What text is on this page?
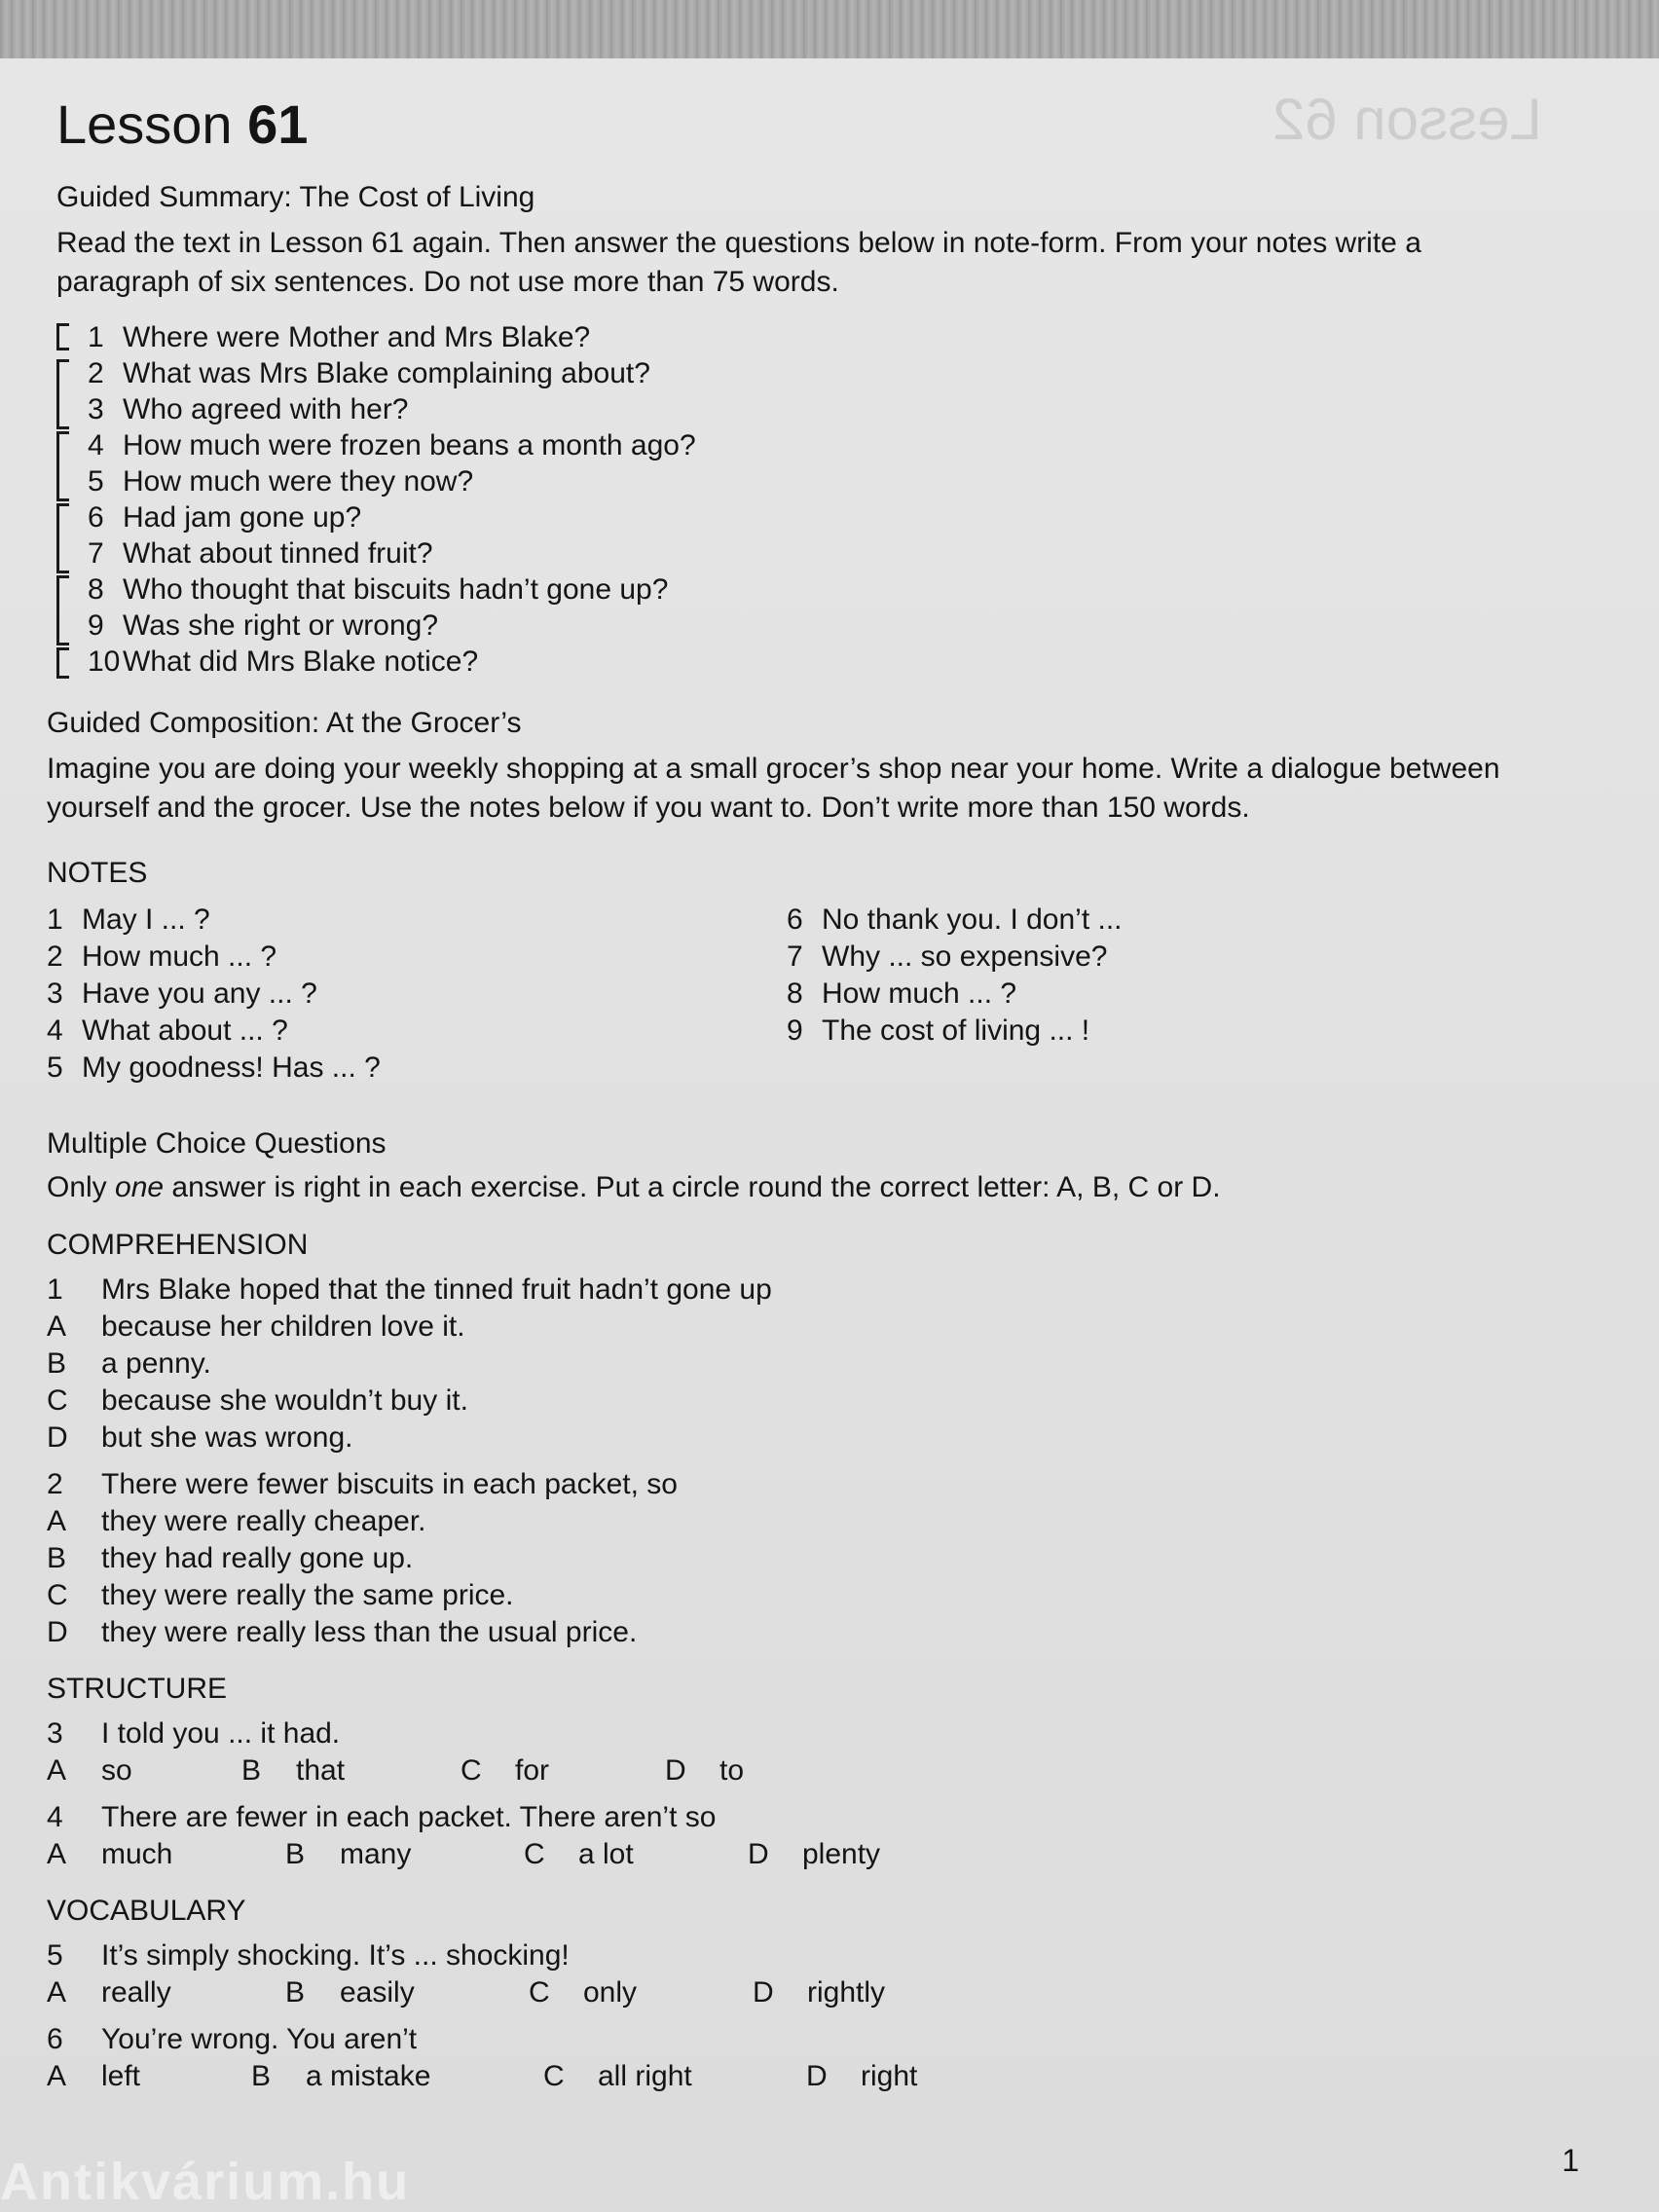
Lesson 62
Lesson 61

Guided Summary: The Cost of Living

Read the text in Lesson 61 again. Then answer the questions below in note-form. From your notes write a paragraph of six sentences. Do not use more than 75 words.

1 Where were Mother and Mrs Blake?
2 What was Mrs Blake complaining about?
3 Who agreed with her?
4 How much were frozen beans a month ago?
5 How much were they now?
6 Had jam gone up?
7 What about tinned fruit?
8 Who thought that biscuits hadn’t gone up?
9 Was she right or wrong?
10What did Mrs Blake notice?

Guided Composition: At the Grocer’s

Imagine you are doing your weekly shopping at a small grocer’s shop near your home. Write a dialogue between yourself and the grocer. Use the notes below if you want to. Don’t write more than 150 words.

NOTES

1 May I ... ?
2 How much ... ?
3 Have you any ... ?
4 What about ... ?
5 My goodness! Has ... ?
6 No thank you. I don’t ...
7 Why ... so expensive?
8 How much ... ?
9 The cost of living ... !

Multiple Choice Questions

Only one answer is right in each exercise. Put a circle round the correct letter: A, B, C or D.

COMPREHENSION

1	Mrs Blake hoped that the tinned fruit hadn’t gone up
A	because her children love it.
B	a penny.
C	because she wouldn’t buy it.
D	but she was wrong.
2	There were fewer biscuits in each packet, so
A	they were really cheaper.
B	they had really gone up.
C	they were really the same price.
D	they were really less than the usual price.

STRUCTURE

3	I told you ... it had.
A	so	B	that	C	for	D	to
4	There are fewer in each packet. There aren’t so
A	much	B	many	C	a lot	D	plenty

VOCABULARY

5	It’s simply shocking. It’s ... shocking!
A	really	B	easily	C	only	D	rightly
6	You’re wrong. You aren’t
A	left	B	a mistake	C	all right	D	right
1
Antikvárium.hu
